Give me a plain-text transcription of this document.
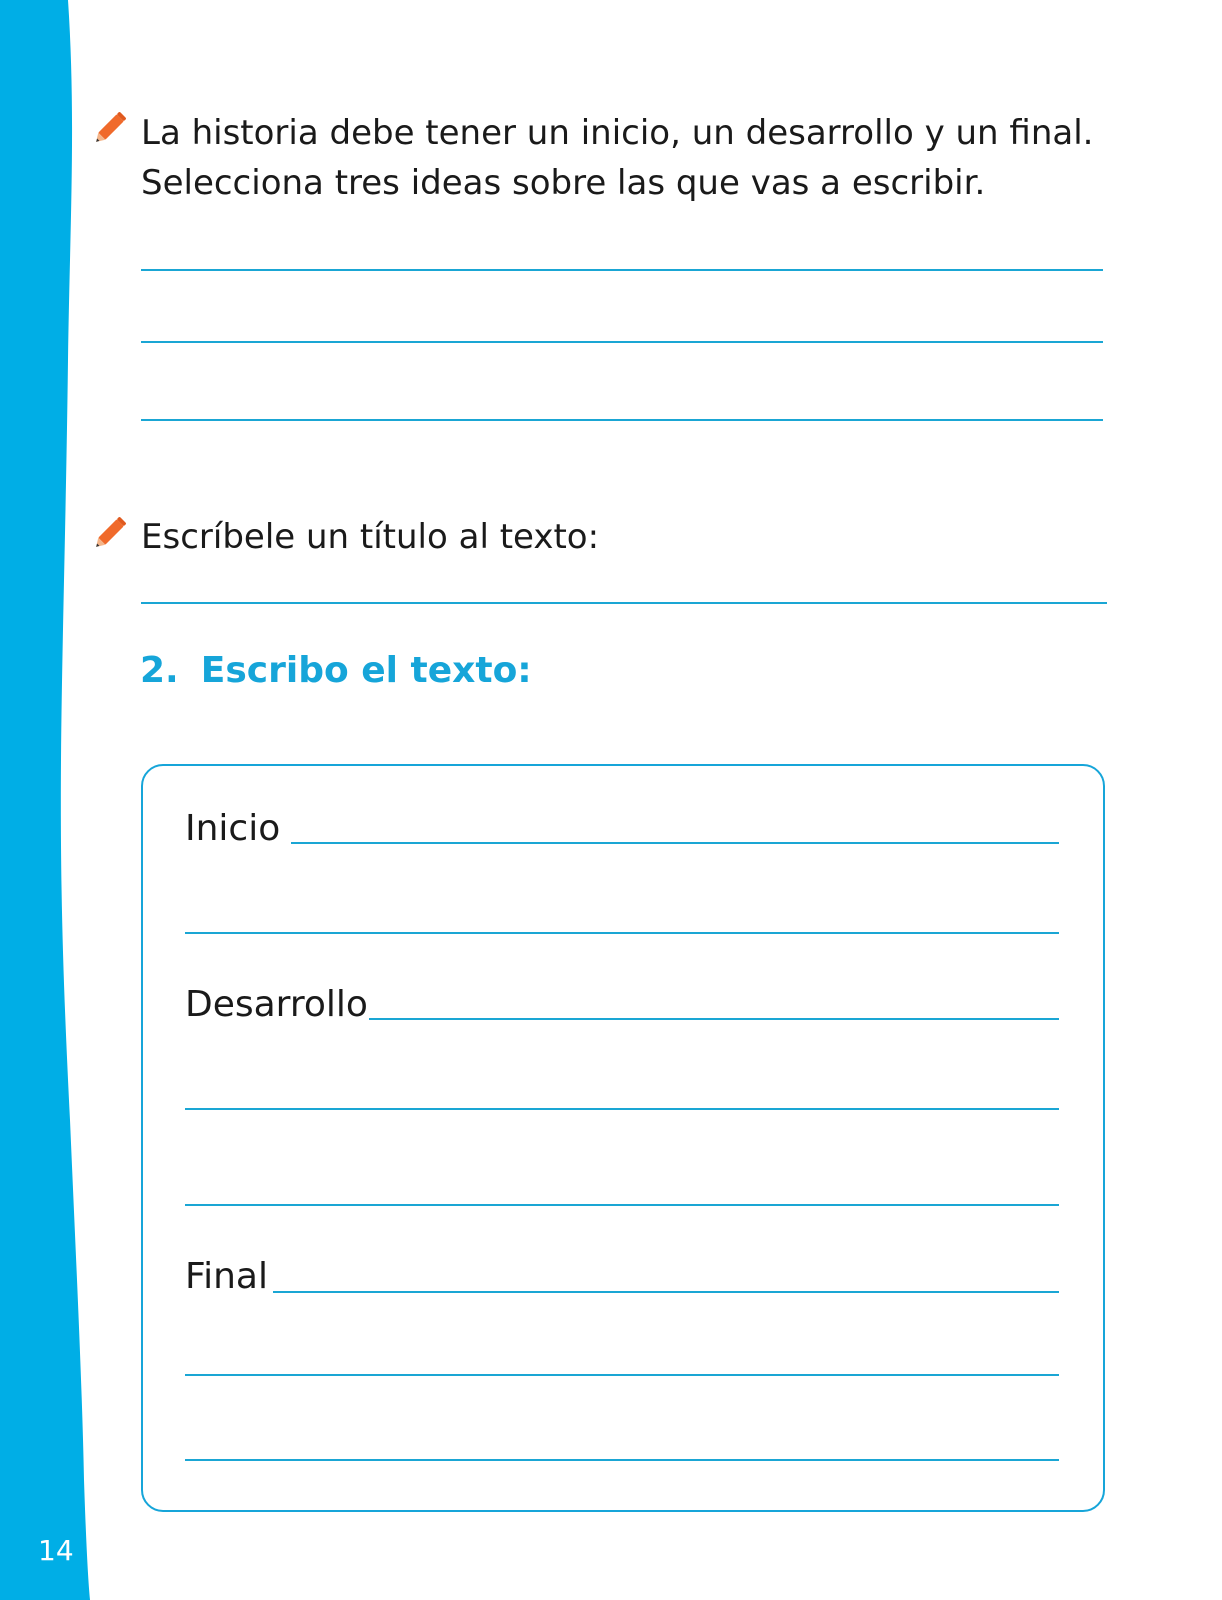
14

La historia debe tener un inicio, un desarrollo y un final.

Selecciona tres ideas sobre las que vas a escribir.

Escríbele un título al texto:

2. Escribo el texto:

Inicio

Desarrollo

Final
